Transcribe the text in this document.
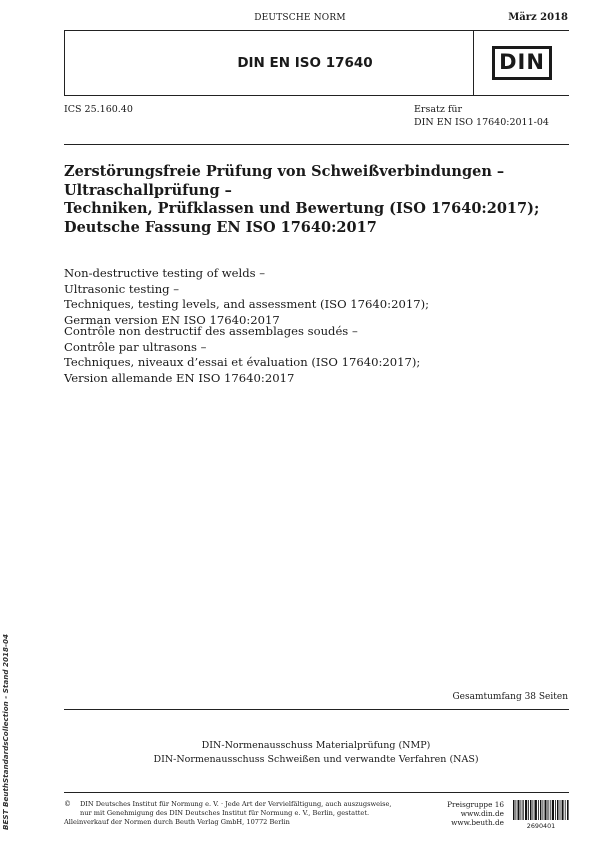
DEUTSCHE NORM	März 2018
DIN EN ISO 17640	DIN
ICS 25.160.40	Ersatz für
DIN EN ISO 17640:2011-04
Zerstörungsfreie Prüfung von Schweißverbindungen –
Ultraschallprüfung –
Techniken, Prüfklassen und Bewertung (ISO 17640:2017);
Deutsche Fassung EN ISO 17640:2017
Non-destructive testing of welds –
Ultrasonic testing –
Techniques, testing levels, and assessment (ISO 17640:2017);
German version EN ISO 17640:2017
Contrôle non destructif des assemblages soudés –
Contrôle par ultrasons –
Techniques, niveaux d’essai et évaluation (ISO 17640:2017);
Version allemande EN ISO 17640:2017
Gesamtumfang 38 Seiten
DIN-Normenausschuss Materialprüfung (NMP)
DIN-Normenausschuss Schweißen und verwandte Verfahren (NAS)
© DIN Deutsches Institut für Normung e. V. · Jede Art der Vervielfältigung, auch auszugsweise,
nur mit Genehmigung des DIN Deutsches Institut für Normung e. V., Berlin, gestattet.
Alleinverkauf der Normen durch Beuth Verlag GmbH, 10772 Berlin
Preisgruppe 16
www.din.de
www.beuth.de	2690401
BEST BeuthStandardsCollection - Stand 2018-04
